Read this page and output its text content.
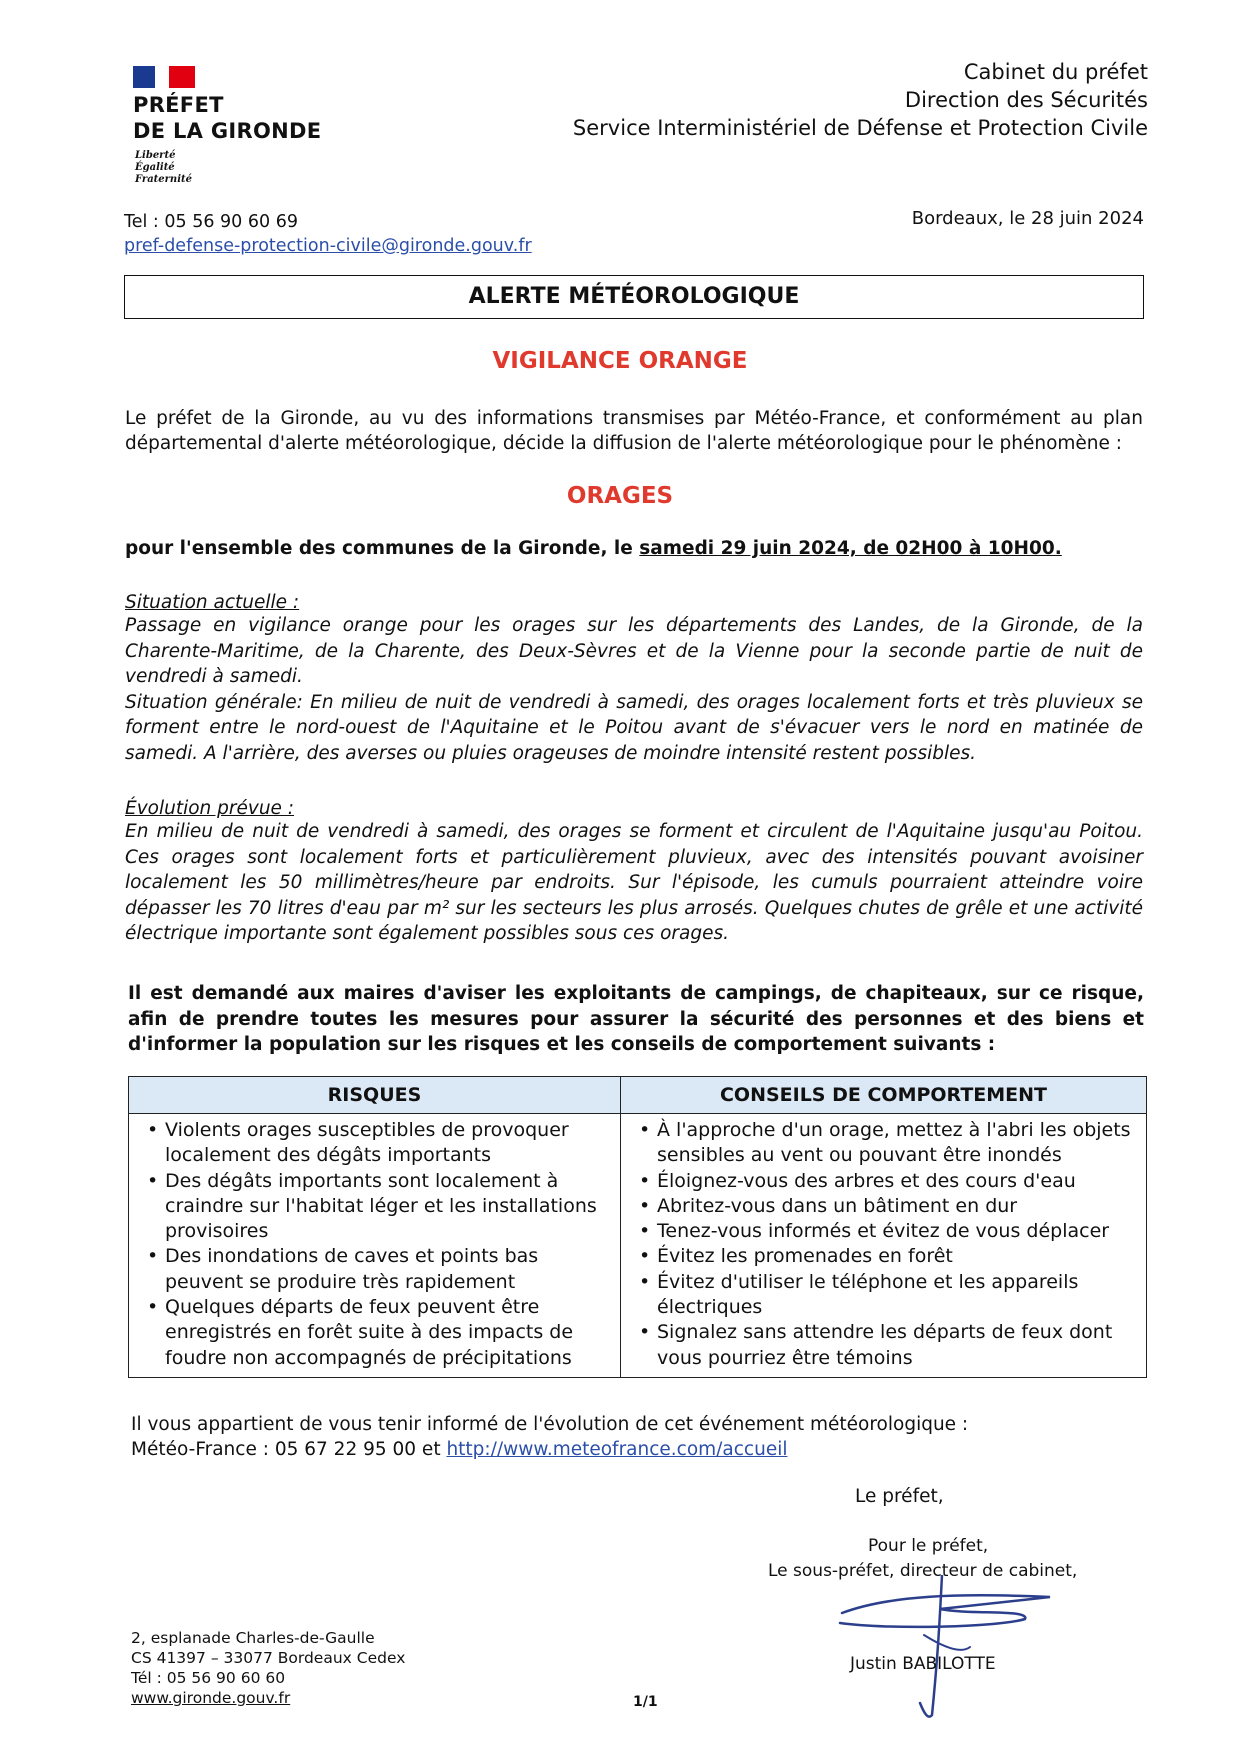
PRÉFET
DE LA GIRONDE
Liberté
Égalité
Fraternité
Cabinet du préfet
Direction des Sécurités
Service Interministériel de Défense et Protection Civile
Tel : 05 56 90 60 69
pref-defense-protection-civile@gironde.gouv.fr
Bordeaux, le 28 juin 2024
ALERTE MÉTÉOROLOGIQUE
VIGILANCE ORANGE
Le préfet de la Gironde, au vu des informations transmises par Météo-France, et conformément au plan départemental d'alerte météorologique, décide la diffusion de l'alerte météorologique pour le phénomène :
ORAGES
pour l'ensemble des communes de la Gironde, le samedi 29 juin 2024, de 02H00 à 10H00.
Situation actuelle :
Passage en vigilance orange pour les orages sur les départements des Landes, de la Gironde, de la Charente-Maritime, de la Charente, des Deux-Sèvres et de la Vienne pour la seconde partie de nuit de vendredi à samedi.
Situation générale: En milieu de nuit de vendredi à samedi, des orages localement forts et très pluvieux se forment entre le nord-ouest de l'Aquitaine et le Poitou avant de s'évacuer vers le nord en matinée de samedi. A l'arrière, des averses ou pluies orageuses de moindre intensité restent possibles.
Évolution prévue :
En milieu de nuit de vendredi à samedi, des orages se forment et circulent de l'Aquitaine jusqu'au Poitou. Ces orages sont localement forts et particulièrement pluvieux, avec des intensités pouvant avoisiner localement les 50 millimètres/heure par endroits. Sur l'épisode, les cumuls pourraient atteindre voire dépasser les 70 litres d'eau par m² sur les secteurs les plus arrosés. Quelques chutes de grêle et une activité électrique importante sont également possibles sous ces orages.
Il est demandé aux maires d'aviser les exploitants de campings, de chapiteaux, sur ce risque, afin de prendre toutes les mesures pour assurer la sécurité des personnes et des biens et d'informer la population sur les risques et les conseils de comportement suivants :
RISQUES
• Violents orages susceptibles de provoquer localement des dégâts importants
• Des dégâts importants sont localement à craindre sur l'habitat léger et les installations provisoires
• Des inondations de caves et points bas peuvent se produire très rapidement
• Quelques départs de feux peuvent être enregistrés en forêt suite à des impacts de foudre non accompagnés de précipitations
CONSEILS DE COMPORTEMENT
• À l'approche d'un orage, mettez à l'abri les objets sensibles au vent ou pouvant être inondés
• Éloignez-vous des arbres et des cours d'eau
• Abritez-vous dans un bâtiment en dur
• Tenez-vous informés et évitez de vous déplacer
• Évitez les promenades en forêt
• Évitez d'utiliser le téléphone et les appareils électriques
• Signalez sans attendre les départs de feux dont vous pourriez être témoins
Il vous appartient de vous tenir informé de l'évolution de cet événement météorologique :
Météo-France : 05 67 22 95 00 et http://www.meteofrance.com/accueil
Le préfet,
Pour le préfet,
Le sous-préfet, directeur de cabinet,
Justin BABILOTTE
2, esplanade Charles-de-Gaulle
CS 41397 – 33077 Bordeaux Cedex
Tél : 05 56 90 60 60
www.gironde.gouv.fr	1/1
